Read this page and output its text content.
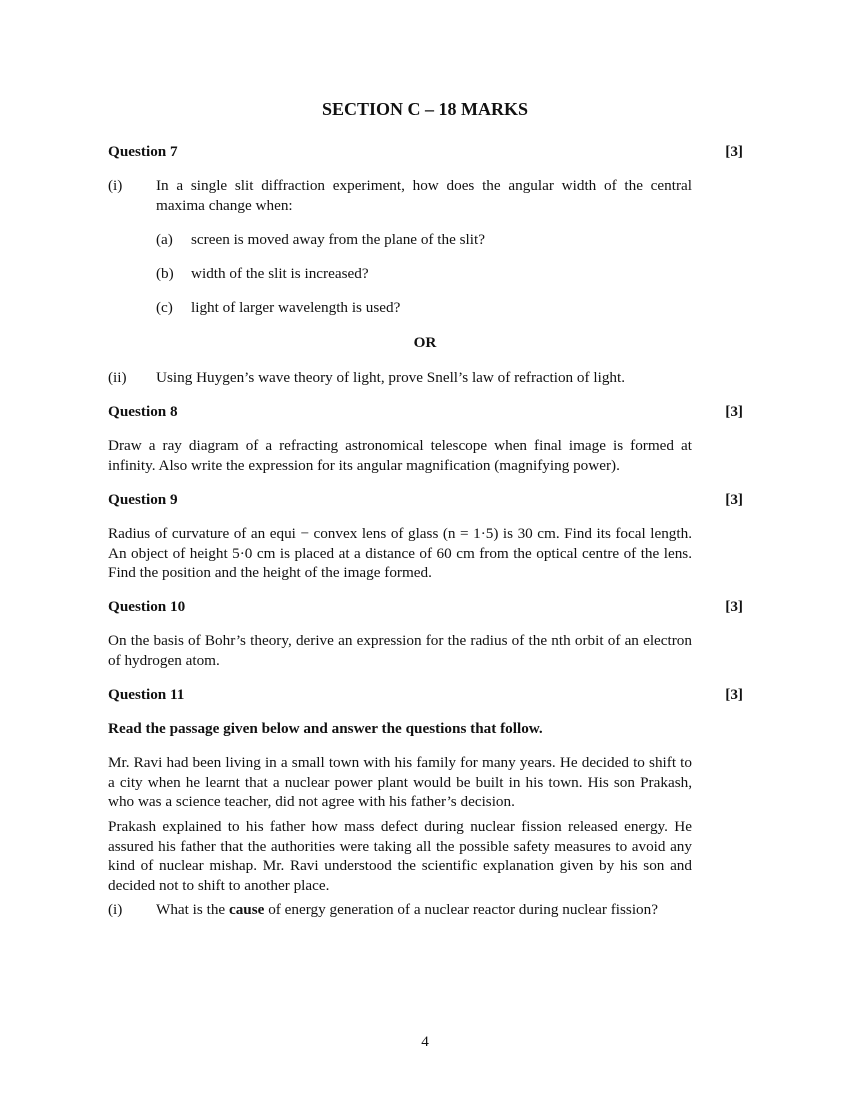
SECTION C – 18 MARKS
Question 7	[3]
(i) In a single slit diffraction experiment, how does the angular width of the central maxima change when:
(a) screen is moved away from the plane of the slit?
(b) width of the slit is increased?
(c) light of larger wavelength is used?
OR
(ii) Using Huygen’s wave theory of light, prove Snell’s law of refraction of light.
Question 8	[3]
Draw a ray diagram of a refracting astronomical telescope when final image is formed at infinity. Also write the expression for its angular magnification (magnifying power).
Question 9	[3]
Radius of curvature of an equi − convex lens of glass (n = 1·5) is 30 cm. Find its focal length. An object of height 5·0 cm is placed at a distance of 60 cm from the optical centre of the lens. Find the position and the height of the image formed.
Question 10	[3]
On the basis of Bohr’s theory, derive an expression for the radius of the nth orbit of an electron of hydrogen atom.
Question 11	[3]
Read the passage given below and answer the questions that follow.
Mr. Ravi had been living in a small town with his family for many years. He decided to shift to a city when he learnt that a nuclear power plant would be built in his town. His son Prakash, who was a science teacher, did not agree with his father’s decision.
Prakash explained to his father how mass defect during nuclear fission released energy. He assured his father that the authorities were taking all the possible safety measures to avoid any kind of nuclear mishap. Mr. Ravi understood the scientific explanation given by his son and decided not to shift to another place.
(i) What is the cause of energy generation of a nuclear reactor during nuclear fission?
4
